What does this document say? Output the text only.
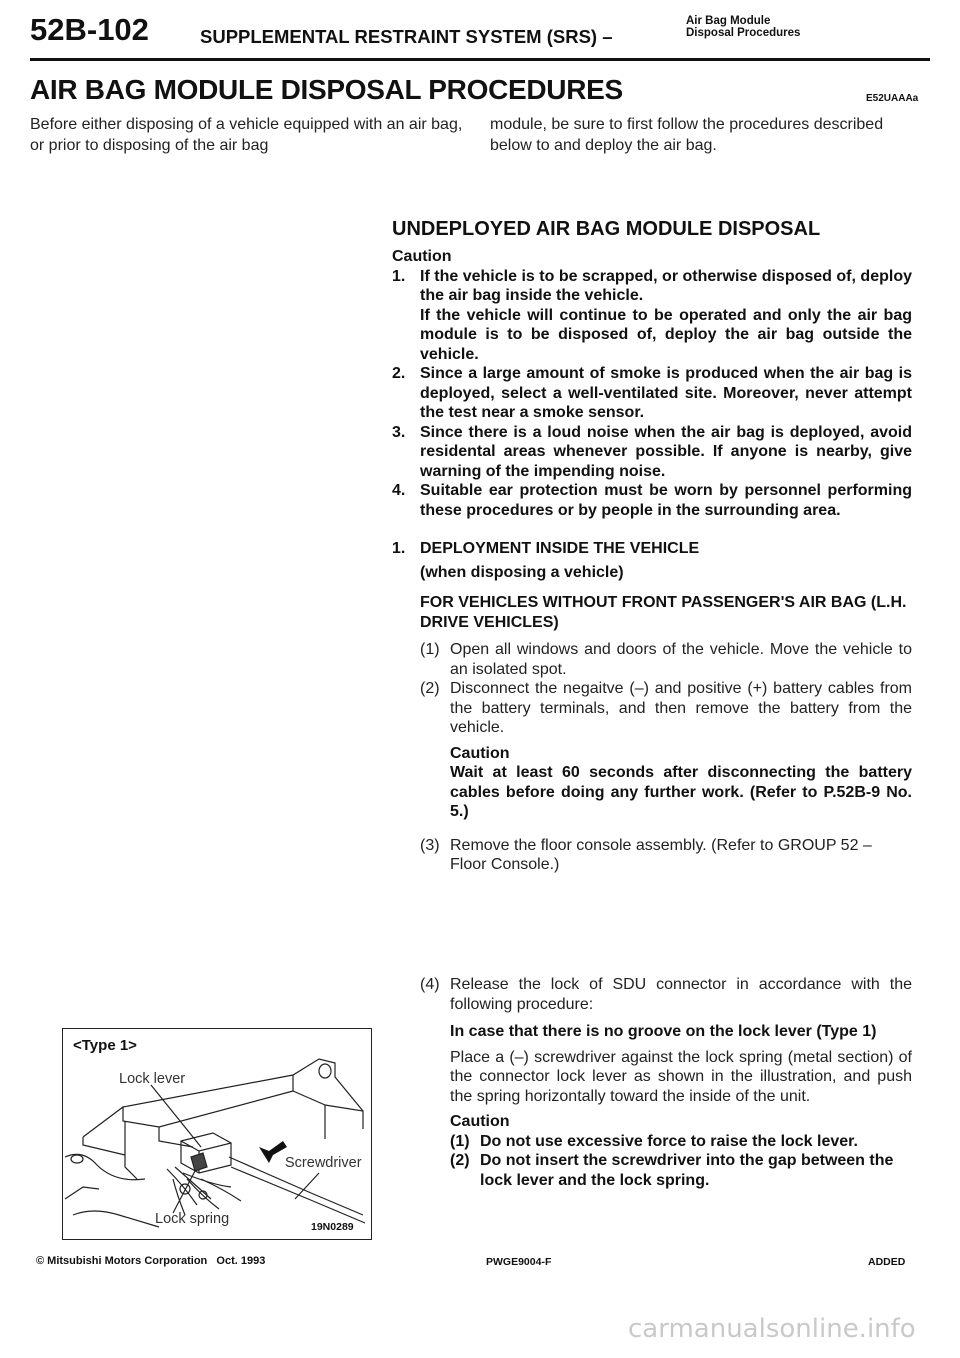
52B-102	SUPPLEMENTAL RESTRAINT SYSTEM (SRS) –
Air Bag Module
Disposal Procedures
AIR BAG MODULE DISPOSAL PROCEDURES	E52UAAAa
Before either disposing of a vehicle equipped with an air bag, or prior to disposing of the air bag
module, be sure to first follow the procedures described below to and deploy the air bag.
UNDEPLOYED AIR BAG MODULE DISPOSAL
Caution
1. If the vehicle is to be scrapped, or otherwise disposed of, deploy the air bag inside the vehicle.
If the vehicle will continue to be operated and only the air bag module is to be disposed of, deploy the air bag outside the vehicle.
2. Since a large amount of smoke is produced when the air bag is deployed, select a well-ventilated site. Moreover, never attempt the test near a smoke sensor.
3. Since there is a loud noise when the air bag is deployed, avoid residental areas whenever possible. If anyone is nearby, give warning of the impending noise.
4. Suitable ear protection must be worn by personnel performing these procedures or by people in the surrounding area.
1. DEPLOYMENT INSIDE THE VEHICLE
(when disposing a vehicle)
FOR VEHICLES WITHOUT FRONT PASSENGER'S AIR BAG (L.H. DRIVE VEHICLES)
(1) Open all windows and doors of the vehicle. Move the vehicle to an isolated spot.
(2) Disconnect the negaitve (–) and positive (+) battery cables from the battery terminals, and then remove the battery from the vehicle.
Caution
Wait at least 60 seconds after disconnecting the battery cables before doing any further work. (Refer to P.52B-9 No. 5.)
(3) Remove the floor console assembly. (Refer to GROUP 52 – Floor Console.)
(4) Release the lock of SDU connector in accordance with the following procedure:
In case that there is no groove on the lock lever (Type 1)
Place a (–) screwdriver against the lock spring (metal section) of the connector lock lever as shown in the illustration, and push the spring horizontally toward the inside of the unit.
Caution
(1) Do not use excessive force to raise the lock lever.
(2) Do not insert the screwdriver into the gap between the lock lever and the lock spring.
<Type 1>
Lock lever
Screwdriver
Lock spring	19N0289
© Mitsubishi Motors Corporation   Oct. 1993	PWGE9004-F	ADDED
carmanualsonline.info
